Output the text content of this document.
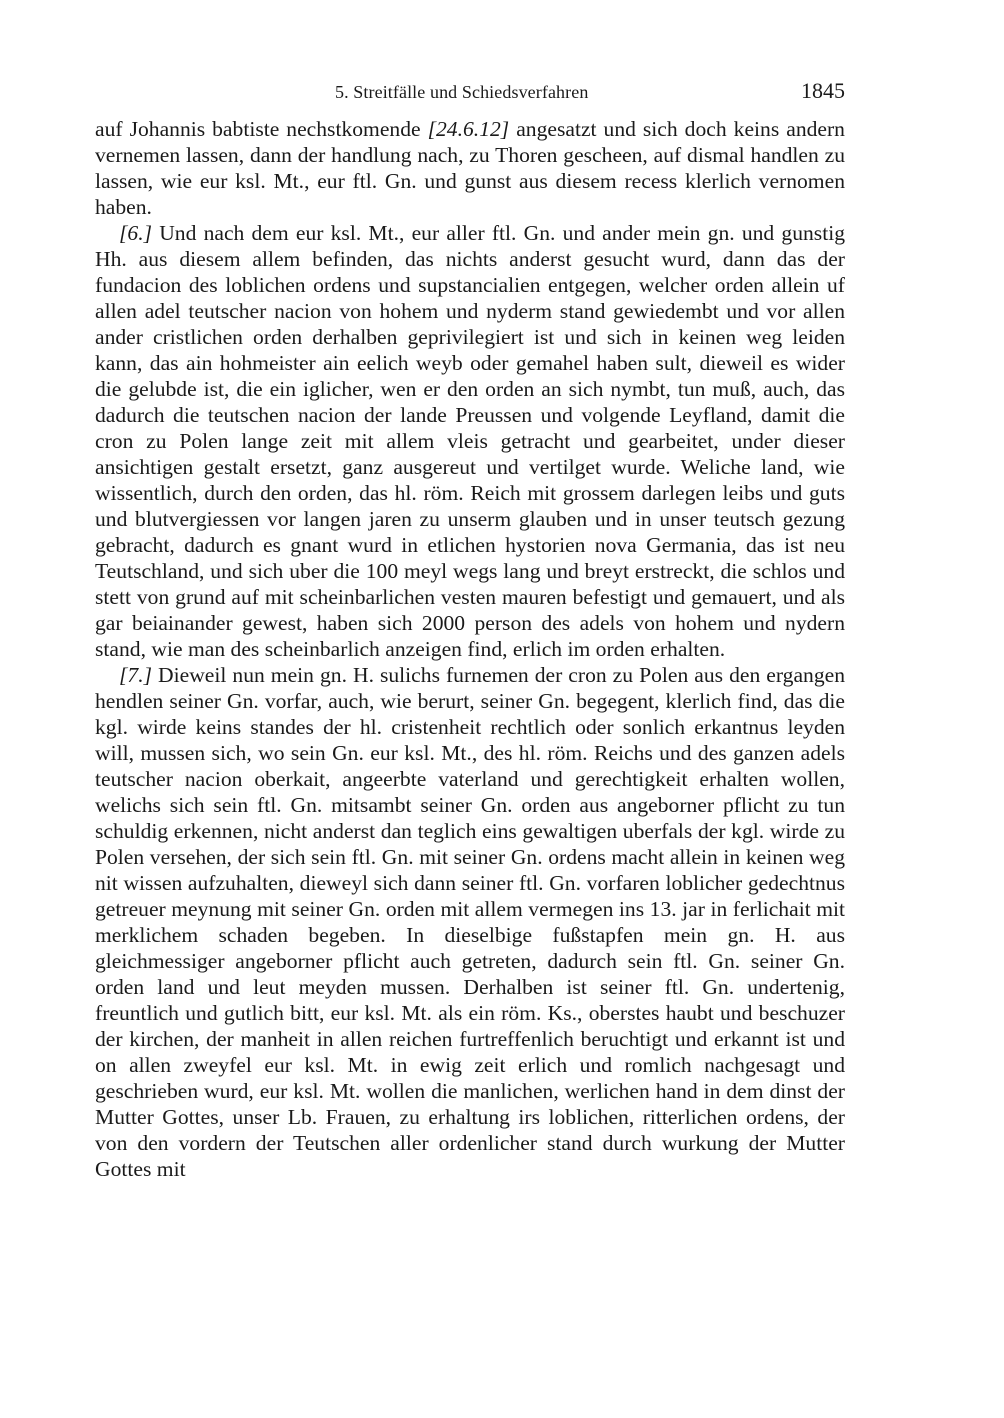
5. Streitfälle und Schiedsverfahren	1845

auf Johannis babtiste nechstkomende [24.6.12] angesatzt und sich doch keins andern vernemen lassen, dann der handlung nach, zu Thoren gescheen, auf dismal handlen zu lassen, wie eur ksl. Mt., eur ftl. Gn. und gunst aus diesem recess klerlich vernomen haben.

[6.] Und nach dem eur ksl. Mt., eur aller ftl. Gn. und ander mein gn. und gunstig Hh. aus diesem allem befinden, das nichts anderst gesucht wurd, dann das der fundacion des loblichen ordens und supstancialien entgegen, welcher orden allein uf allen adel teutscher nacion von hohem und nyderm stand gewiedembt und vor allen ander cristlichen orden derhalben geprivilegiert ist und sich in keinen weg leiden kann, das ain hohmeister ain eelich weyb oder gemahel haben sult, dieweil es wider die gelubde ist, die ein iglicher, wen er den orden an sich nymbt, tun muß, auch, das dadurch die teutschen nacion der lande Preussen und volgende Leyfland, damit die cron zu Polen lange zeit mit allem vleis getracht und gearbeitet, under dieser ansichtigen gestalt ersetzt, ganz ausgereut und vertilget wurde. Weliche land, wie wissentlich, durch den orden, das hl. röm. Reich mit grossem darlegen leibs und guts und blutvergiessen vor langen jaren zu unserm glauben und in unser teutsch gezung gebracht, dadurch es gnant wurd in etlichen hystorien nova Germania, das ist neu Teutschland, und sich uber die 100 meyl wegs lang und breyt erstreckt, die schlos und stett von grund auf mit scheinbarlichen vesten mauren befestigt und gemauert, und als gar beiainander gewest, haben sich 2000 person des adels von hohem und nydern stand, wie man des scheinbarlich anzeigen find, erlich im orden erhalten.

[7.] Dieweil nun mein gn. H. sulichs furnemen der cron zu Polen aus den ergangen hendlen seiner Gn. vorfar, auch, wie berurt, seiner Gn. begegent, klerlich find, das die kgl. wirde keins standes der hl. cristenheit rechtlich oder sonlich erkantnus leyden will, mussen sich, wo sein Gn. eur ksl. Mt., des hl. röm. Reichs und des ganzen adels teutscher nacion oberkait, angeerbte vaterland und gerechtigkeit erhalten wollen, welichs sich sein ftl. Gn. mitsambt seiner Gn. orden aus angeborner pflicht zu tun schuldig erkennen, nicht anderst dan teglich eins gewaltigen uberfals der kgl. wirde zu Polen versehen, der sich sein ftl. Gn. mit seiner Gn. ordens macht allein in keinen weg nit wissen aufzuhalten, dieweyl sich dann seiner ftl. Gn. vorfaren loblicher gedechtnus getreuer meynung mit seiner Gn. orden mit allem vermegen ins 13. jar in ferlichait mit merklichem schaden begeben. In dieselbige fußstapfen mein gn. H. aus gleichmessiger angeborner pflicht auch getreten, dadurch sein ftl. Gn. seiner Gn. orden land und leut meyden mussen. Derhalben ist seiner ftl. Gn. undertenig, freuntlich und gutlich bitt, eur ksl. Mt. als ein röm. Ks., oberstes haubt und beschuzer der kirchen, der manheit in allen reichen furtreffenlich beruchtigt und erkannt ist und on allen zweyfel eur ksl. Mt. in ewig zeit erlich und romlich nachgesagt und geschrieben wurd, eur ksl. Mt. wollen die manlichen, werlichen hand in dem dinst der Mutter Gottes, unser Lb. Frauen, zu erhaltung irs loblichen, ritterlichen ordens, der von den vordern der Teutschen aller ordenlicher stand durch wurkung der Mutter Gottes mit
